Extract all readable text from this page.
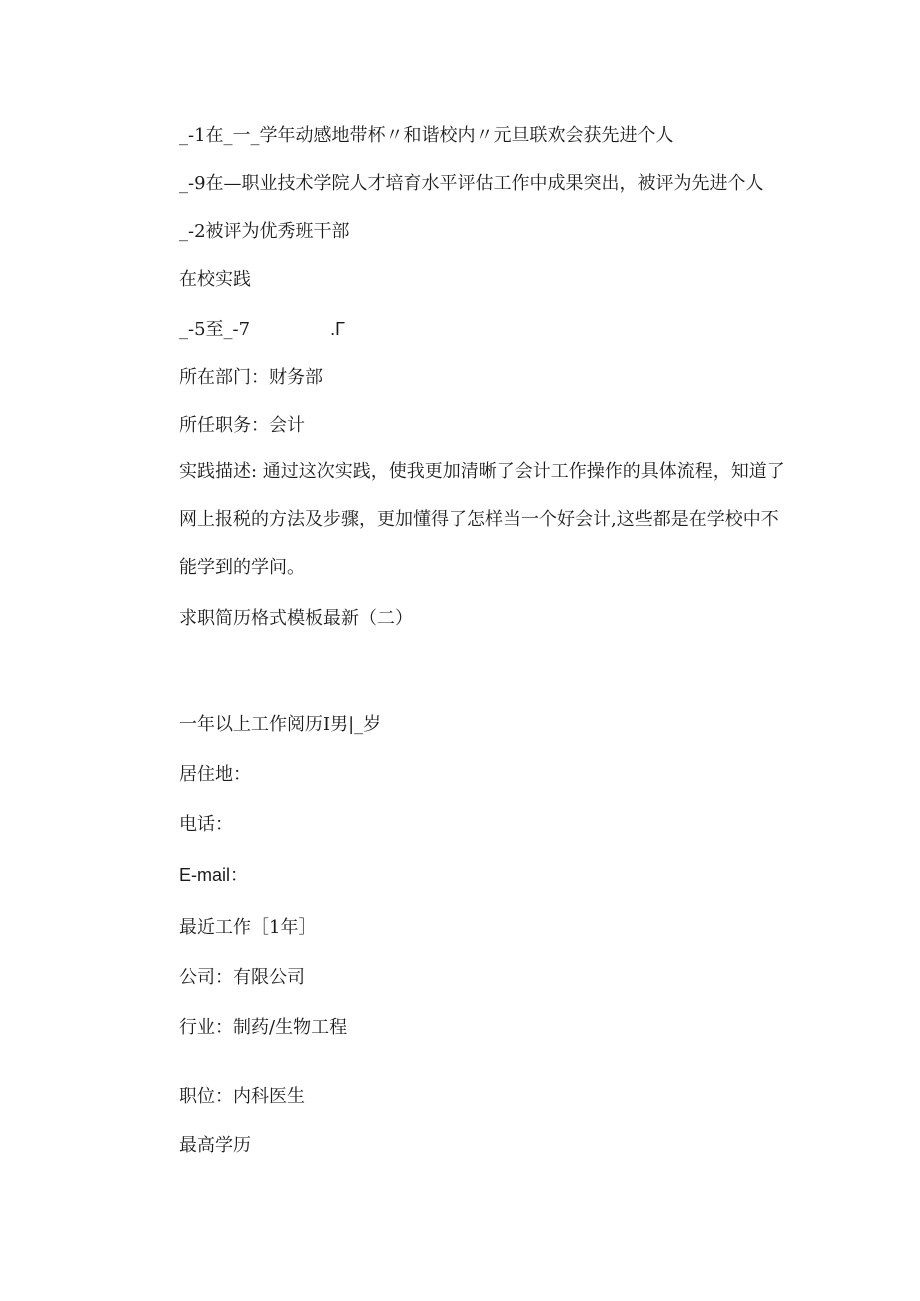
_-1在_一_学年动感地带杯〃和谐校内〃元旦联欢会获先进个人
_-9在—职业技术学院人才培育水平评估工作中成果突出，被评为先进个人
_-2被评为优秀班干部
在校实践
_-5至_-7	.Γ
所在部门：财务部
所任职务：会计
实践描述: 通过这次实践，使我更加清晰了会计工作操作的具体流程，知道了网上报税的方法及步骤，更加懂得了怎样当一个好会计,这些都是在学校中不能学到的学问。
求职简历格式模板最新（二）
一年以上工作阅历I男|_岁
居住地：
电话：
E-mail：
最近工作［1年］
公司：有限公司
行业：制药/生物工程
职位：内科医生
最高学历
